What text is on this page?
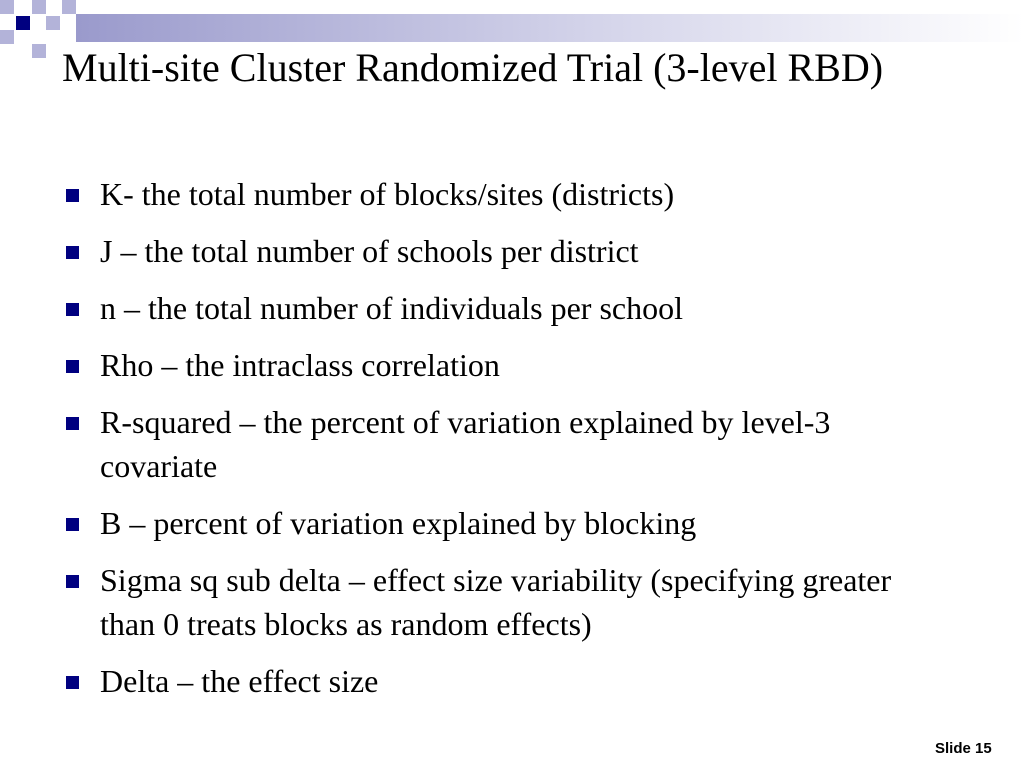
Multi-site Cluster Randomized Trial (3-level RBD)
K- the total number of blocks/sites (districts)
J – the total number of schools per district
n – the total number of individuals per school
Rho – the intraclass correlation
R-squared – the percent of variation explained by level-3 covariate
B – percent of variation explained by blocking
Sigma sq sub delta – effect size variability (specifying greater than 0 treats blocks as random effects)
Delta – the effect size
Slide 15
